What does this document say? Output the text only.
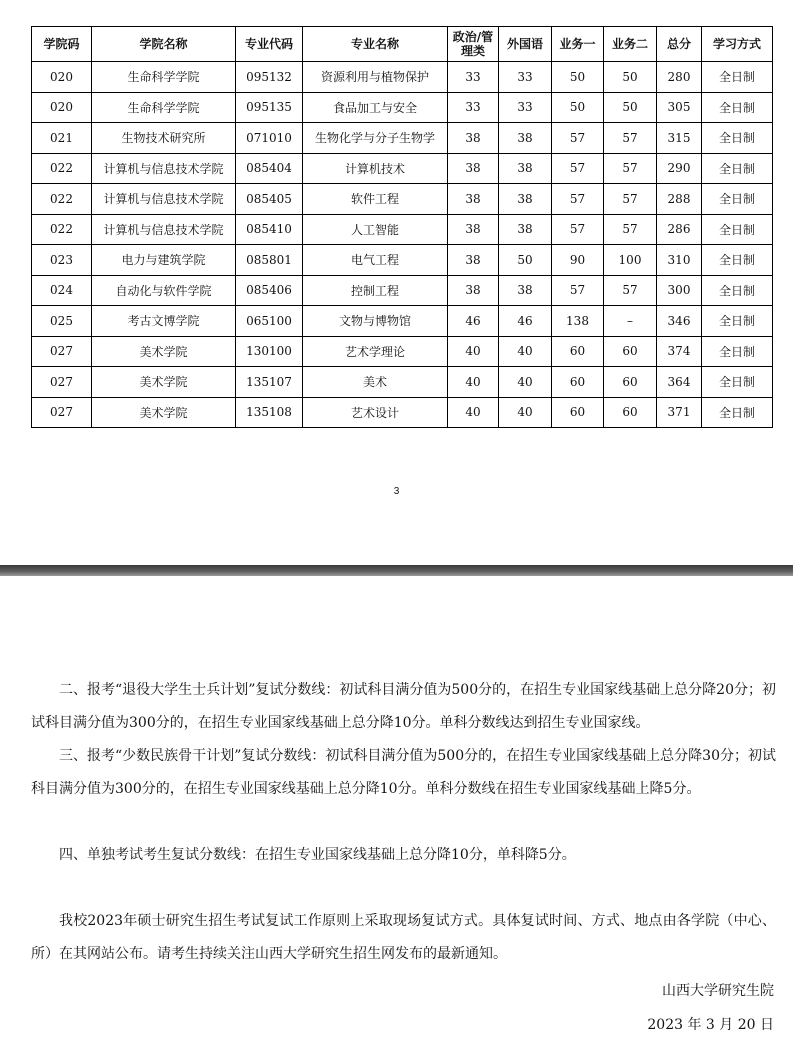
学院码	学院名称	专业代码	专业名称	政治/管理类	外国语	业务一	业务二	总分	学习方式
020	生命科学学院	095132	资源利用与植物保护	33	33	50	50	280	全日制
020	生命科学学院	095135	食品加工与安全	33	33	50	50	305	全日制
021	生物技术研究所	071010	生物化学与分子生物学	38	38	57	57	315	全日制
022	计算机与信息技术学院	085404	计算机技术	38	38	57	57	290	全日制
022	计算机与信息技术学院	085405	软件工程	38	38	57	57	288	全日制
022	计算机与信息技术学院	085410	人工智能	38	38	57	57	286	全日制
023	电力与建筑学院	085801	电气工程	38	50	90	100	310	全日制
024	自动化与软件学院	085406	控制工程	38	38	57	57	300	全日制
025	考古文博学院	065100	文物与博物馆	46	46	138	–	346	全日制
027	美术学院	130100	艺术学理论	40	40	60	60	374	全日制
027	美术学院	135107	美术	40	40	60	60	364	全日制
027	美术学院	135108	艺术设计	40	40	60	60	371	全日制
3

二、报考“退役大学生士兵计划”复试分数线：初试科目满分值为500分的，在招生专业国家线基础上总分降20分；初试科目满分值为300分的，在招生专业国家线基础上总分降10分。单科分数线达到招生专业国家线。

三、报考“少数民族骨干计划”复试分数线：初试科目满分值为500分的，在招生专业国家线基础上总分降30分；初试科目满分值为300分的，在招生专业国家线基础上总分降10分。单科分数线在招生专业国家线基础上降5分。

四、单独考试考生复试分数线：在招生专业国家线基础上总分降10分，单科降5分。

我校2023年硕士研究生招生考试复试工作原则上采取现场复试方式。具体复试时间、方式、地点由各学院（中心、所）在其网站公布。请考生持续关注山西大学研究生招生网发布的最新通知。

山西大学研究生院
2023 年 3 月 20 日
